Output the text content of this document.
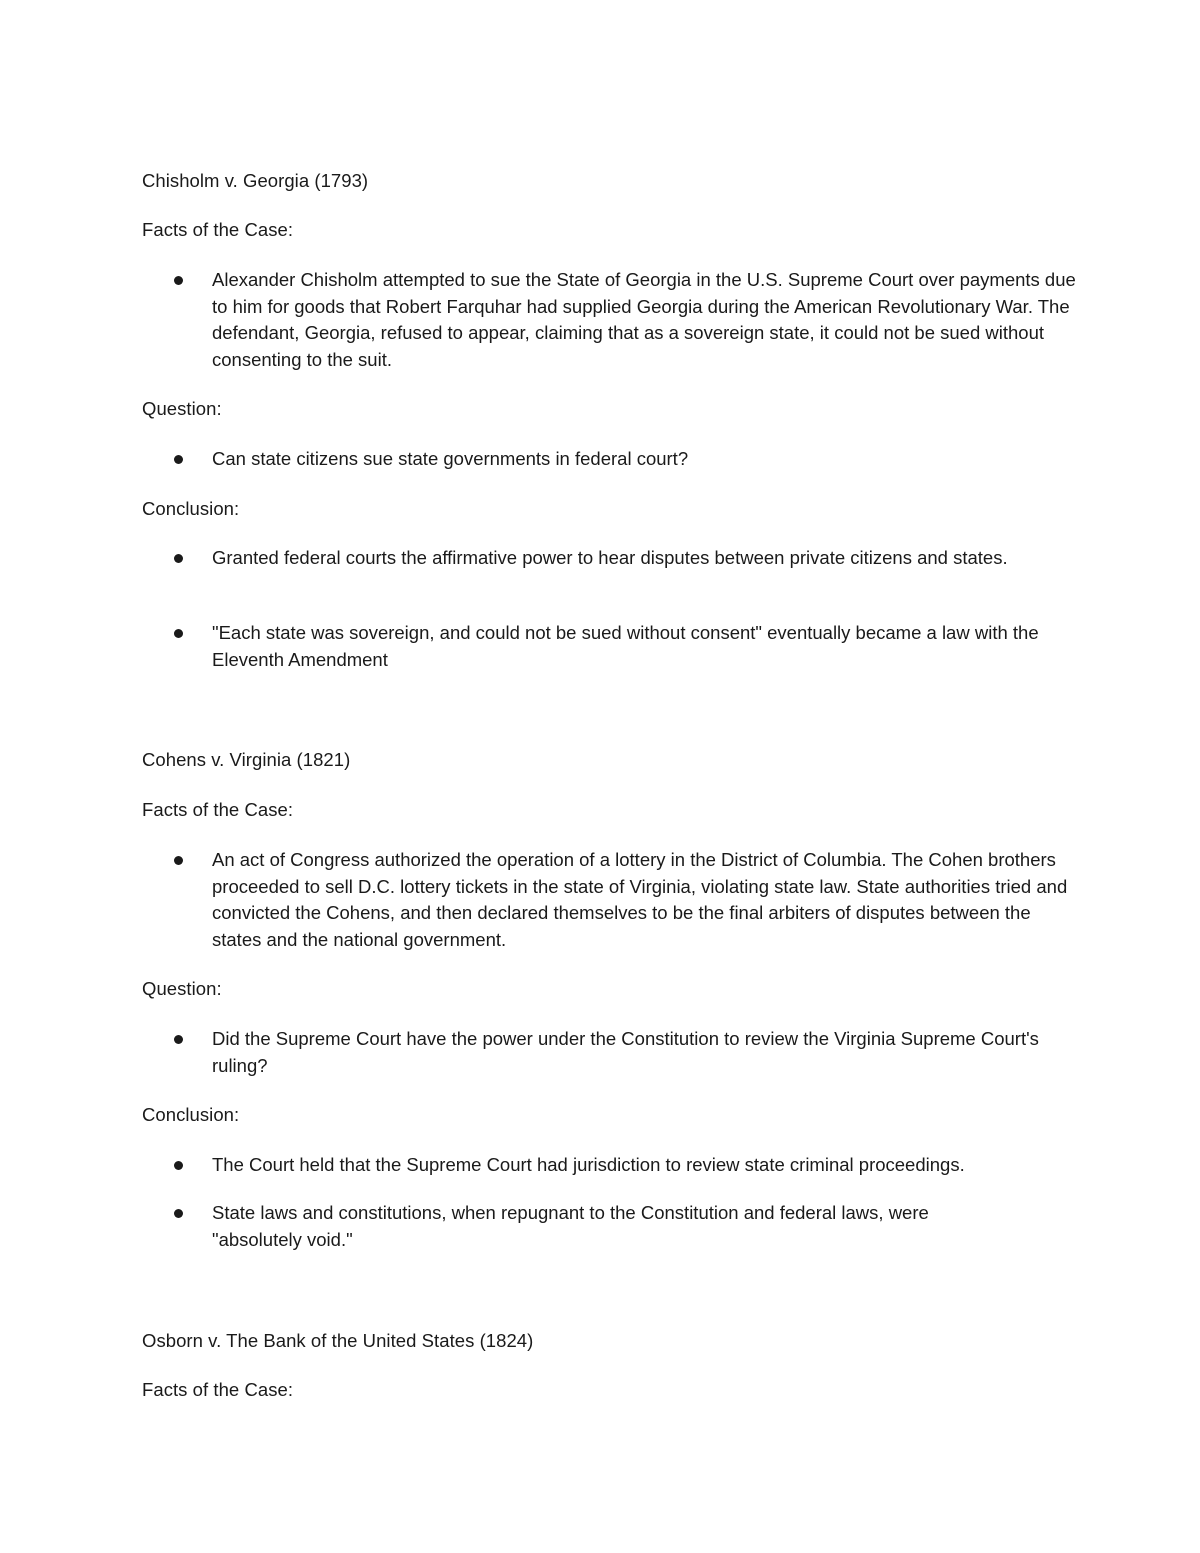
Chisholm v. Georgia (1793)
Facts of the Case:
Alexander Chisholm attempted to sue the State of Georgia in the U.S. Supreme Court over payments due to him for goods that Robert Farquhar had supplied Georgia during the American Revolutionary War. The defendant, Georgia, refused to appear, claiming that as a sovereign state, it could not be sued without consenting to the suit.
Question:
Can state citizens sue state governments in federal court?
Conclusion:
Granted federal courts the affirmative power to hear disputes between private citizens and states.
"Each state was sovereign, and could not be sued without consent" eventually became a law with the Eleventh Amendment
Cohens v. Virginia (1821)
Facts of the Case:
An act of Congress authorized the operation of a lottery in the District of Columbia. The Cohen brothers proceeded to sell D.C. lottery tickets in the state of Virginia, violating state law. State authorities tried and convicted the Cohens, and then declared themselves to be the final arbiters of disputes between the states and the national government.
Question:
Did the Supreme Court have the power under the Constitution to review the Virginia Supreme Court's ruling?
Conclusion:
The Court held that the Supreme Court had jurisdiction to review state criminal proceedings.
State laws and constitutions, when repugnant to the Constitution and federal laws, were "absolutely void."
Osborn v. The Bank of the United States (1824)
Facts of the Case:
